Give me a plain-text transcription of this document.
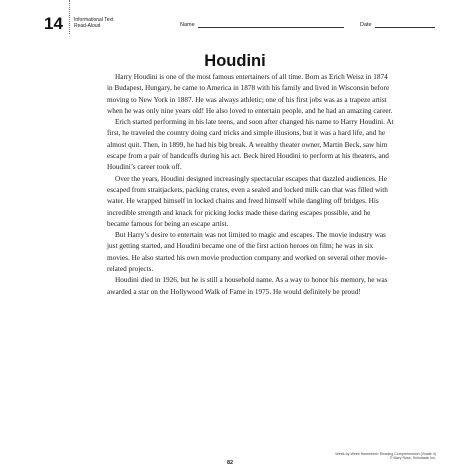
14 Informational Text
Read-Aloud	Name	Date
Houdini

Harry Houdini is one of the most famous entertainers of all time. Born as Erich Weisz in 1874 in Budapest, Hungary, he came to America in 1878 with his family and lived in Wisconsin before moving to New York in 1887. He was always athletic; one of his first jobs was as a trapeze artist when he was only nine years old! He also loved to entertain people, and he had an amazing career.

Erich started performing in his late teens, and soon after changed his name to Harry Houdini. At first, he traveled the country doing card tricks and simple illusions, but it was a hard life, and he almost quit. Then, in 1899, he had his big break. A wealthy theater owner, Martin Beck, saw him escape from a pair of handcuffs during his act. Beck hired Houdini to perform at his theaters, and Houdini’s career took off.

Over the years, Houdini designed increasingly spectacular escapes that dazzled audiences. He escaped from straitjackets, packing crates, even a sealed and locked milk can that was filled with water. He wrapped himself in locked chains and freed himself while dangling off bridges. His incredible strength and knack for picking locks made these daring escapes possible, and he became famous for being an escape artist.

But Harry’s desire to entertain was not limited to magic and escapes. The movie industry was just getting started, and Houdini became one of the first action heroes on film; he was in six movies. He also started his own movie production company and worked on several other movie-related projects.

Houdini died in 1926, but he is still a household name. As a way to honor his memory, he was awarded a star on the Hollywood Walk of Fame in 1975. He would definitely be proud!

82
Week-by-Week Homework: Reading Comprehension (Grade 4)
© Mary Rose, Scholastic Inc.
